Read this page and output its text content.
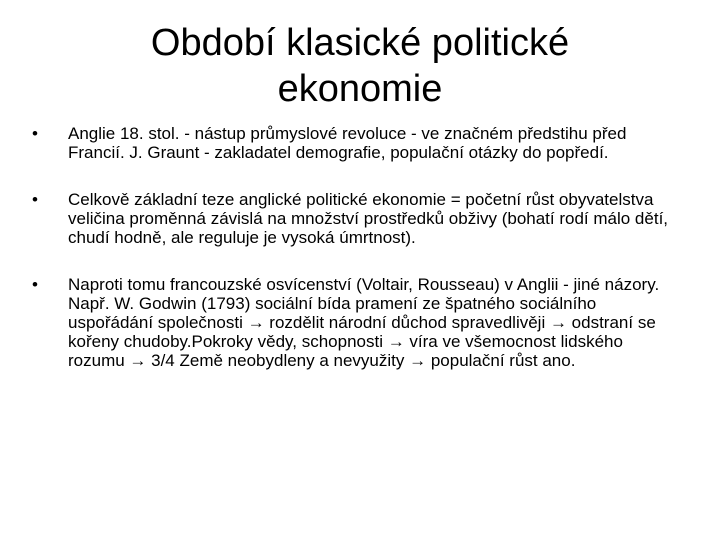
Období klasické politické
ekonomie
•	Anglie 18. stol. - nástup průmyslové revoluce - ve značném předstihu před Francií. J. Graunt - zakladatel demografie, populační otázky do popředí.
•	Celkově základní teze anglické politické ekonomie = početní růst obyvatelstva veličina proměnná závislá na množství prostředků obživy (bohatí rodí málo dětí, chudí hodně, ale reguluje je vysoká úmrtnost).
•	Naproti tomu francouzské osvícenství (Voltair, Rousseau) v Anglii - jiné názory. Např. W. Godwin (1793) sociální bída pramení ze špatného sociálního uspořádání společnosti → rozdělit národní důchod spravedlivěji → odstraní se kořeny chudoby.Pokroky vědy, schopnosti → víra ve všemocnost lidského rozumu → 3/4 Země neobydleny a nevyužity → populační růst ano.
